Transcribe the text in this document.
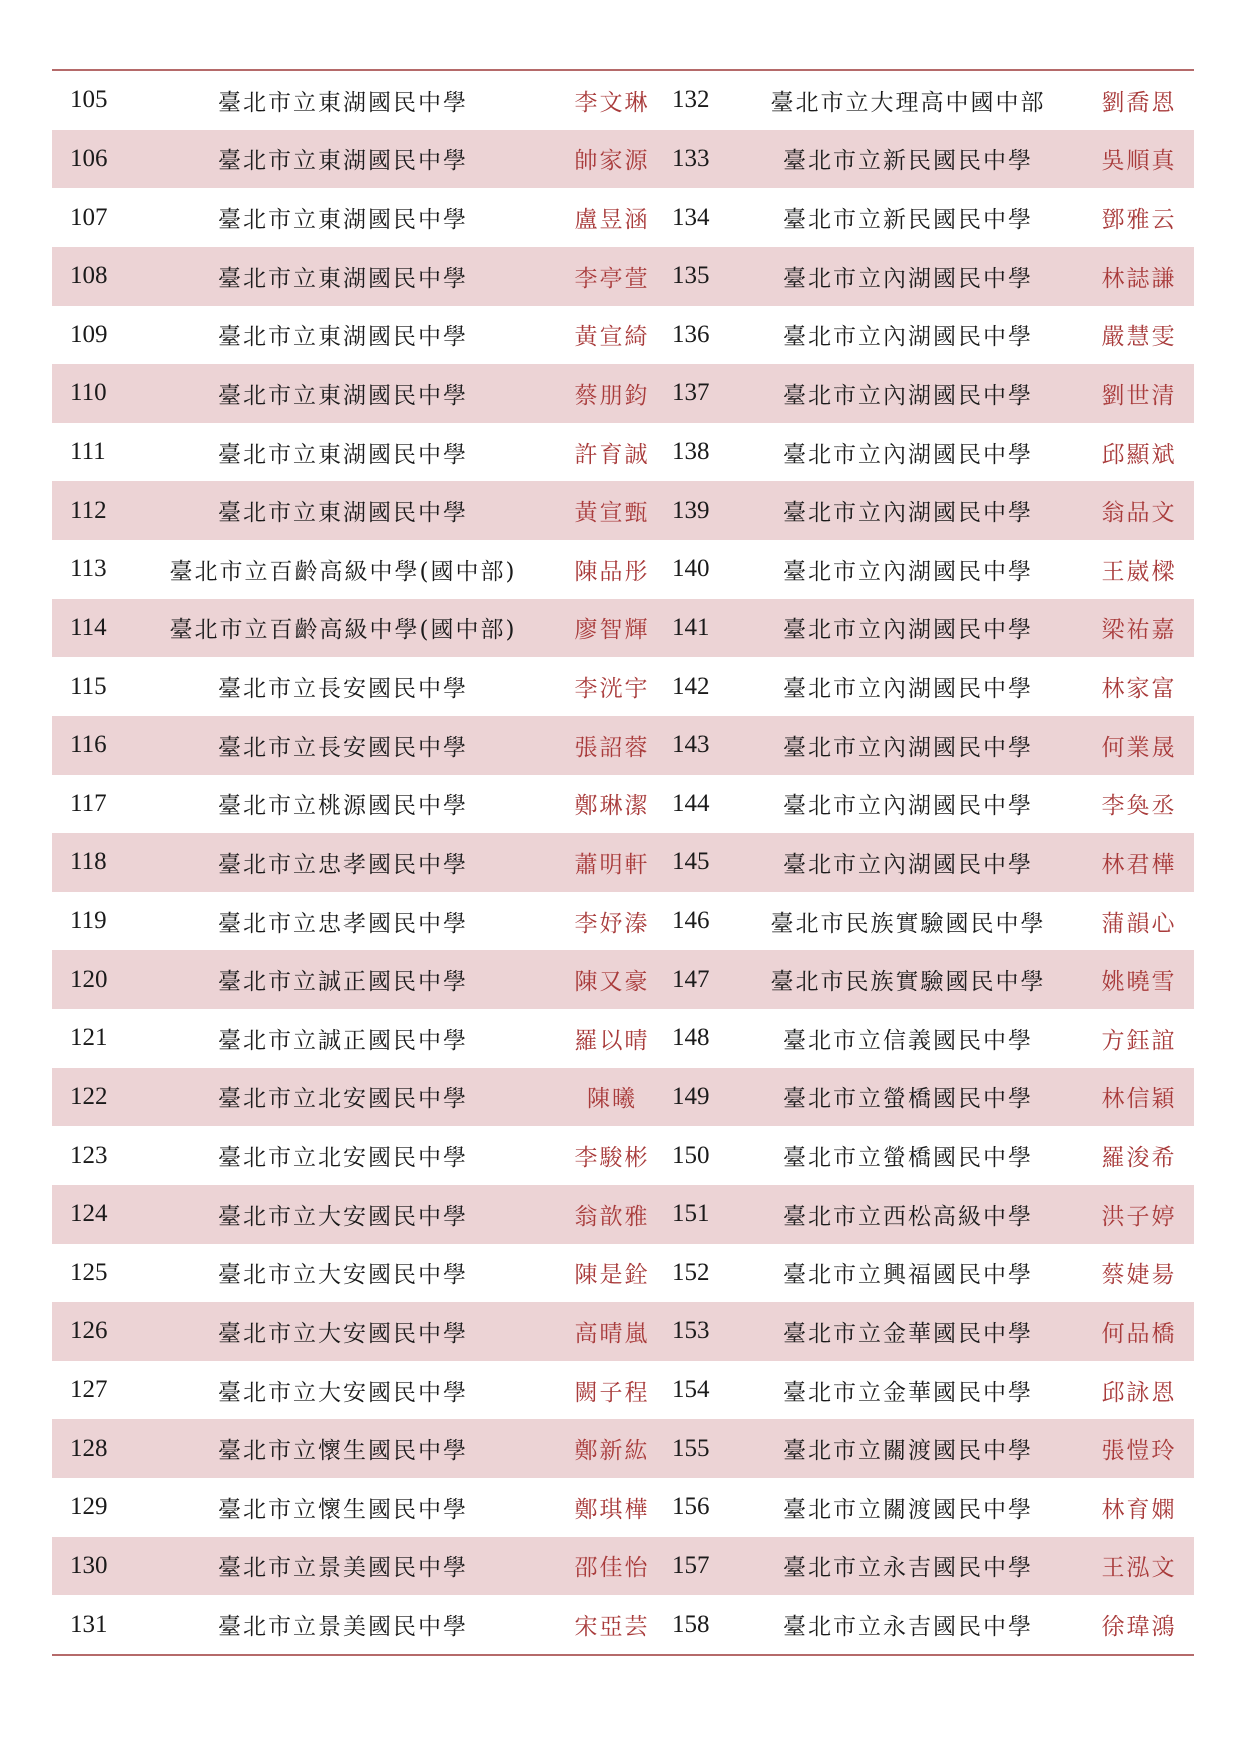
105	臺北市立東湖國民中學	李文琳	132	臺北市立大理高中國中部	劉喬恩
106	臺北市立東湖國民中學	帥家源	133	臺北市立新民國民中學	吳順真
107	臺北市立東湖國民中學	盧昱涵	134	臺北市立新民國民中學	鄧雅云
108	臺北市立東湖國民中學	李亭萱	135	臺北市立內湖國民中學	林誌謙
109	臺北市立東湖國民中學	黃宣綺	136	臺北市立內湖國民中學	嚴慧雯
110	臺北市立東湖國民中學	蔡朋鈞	137	臺北市立內湖國民中學	劉世清
111	臺北市立東湖國民中學	許育誠	138	臺北市立內湖國民中學	邱顯斌
112	臺北市立東湖國民中學	黃宣甄	139	臺北市立內湖國民中學	翁品文
113	臺北市立百齡高級中學(國中部)	陳品彤	140	臺北市立內湖國民中學	王崴樑
114	臺北市立百齡高級中學(國中部)	廖智輝	141	臺北市立內湖國民中學	梁祐嘉
115	臺北市立長安國民中學	李洸宇	142	臺北市立內湖國民中學	林家富
116	臺北市立長安國民中學	張詔蓉	143	臺北市立內湖國民中學	何業晟
117	臺北市立桃源國民中學	鄭琳潔	144	臺北市立內湖國民中學	李奐丞
118	臺北市立忠孝國民中學	蕭明軒	145	臺北市立內湖國民中學	林君樺
119	臺北市立忠孝國民中學	李妤溱	146	臺北市民族實驗國民中學	蒲韻心
120	臺北市立誠正國民中學	陳又豪	147	臺北市民族實驗國民中學	姚曉雪
121	臺北市立誠正國民中學	羅以晴	148	臺北市立信義國民中學	方鈺誼
122	臺北市立北安國民中學	陳曦	149	臺北市立螢橋國民中學	林信穎
123	臺北市立北安國民中學	李駿彬	150	臺北市立螢橋國民中學	羅浚希
124	臺北市立大安國民中學	翁歆雅	151	臺北市立西松高級中學	洪子婷
125	臺北市立大安國民中學	陳是銓	152	臺北市立興福國民中學	蔡婕昜
126	臺北市立大安國民中學	高晴嵐	153	臺北市立金華國民中學	何品橋
127	臺北市立大安國民中學	闕子程	154	臺北市立金華國民中學	邱詠恩
128	臺北市立懷生國民中學	鄭新紘	155	臺北市立關渡國民中學	張愷玲
129	臺北市立懷生國民中學	鄭琪樺	156	臺北市立關渡國民中學	林育嫻
130	臺北市立景美國民中學	邵佳怡	157	臺北市立永吉國民中學	王泓文
131	臺北市立景美國民中學	宋亞芸	158	臺北市立永吉國民中學	徐瑋鴻
